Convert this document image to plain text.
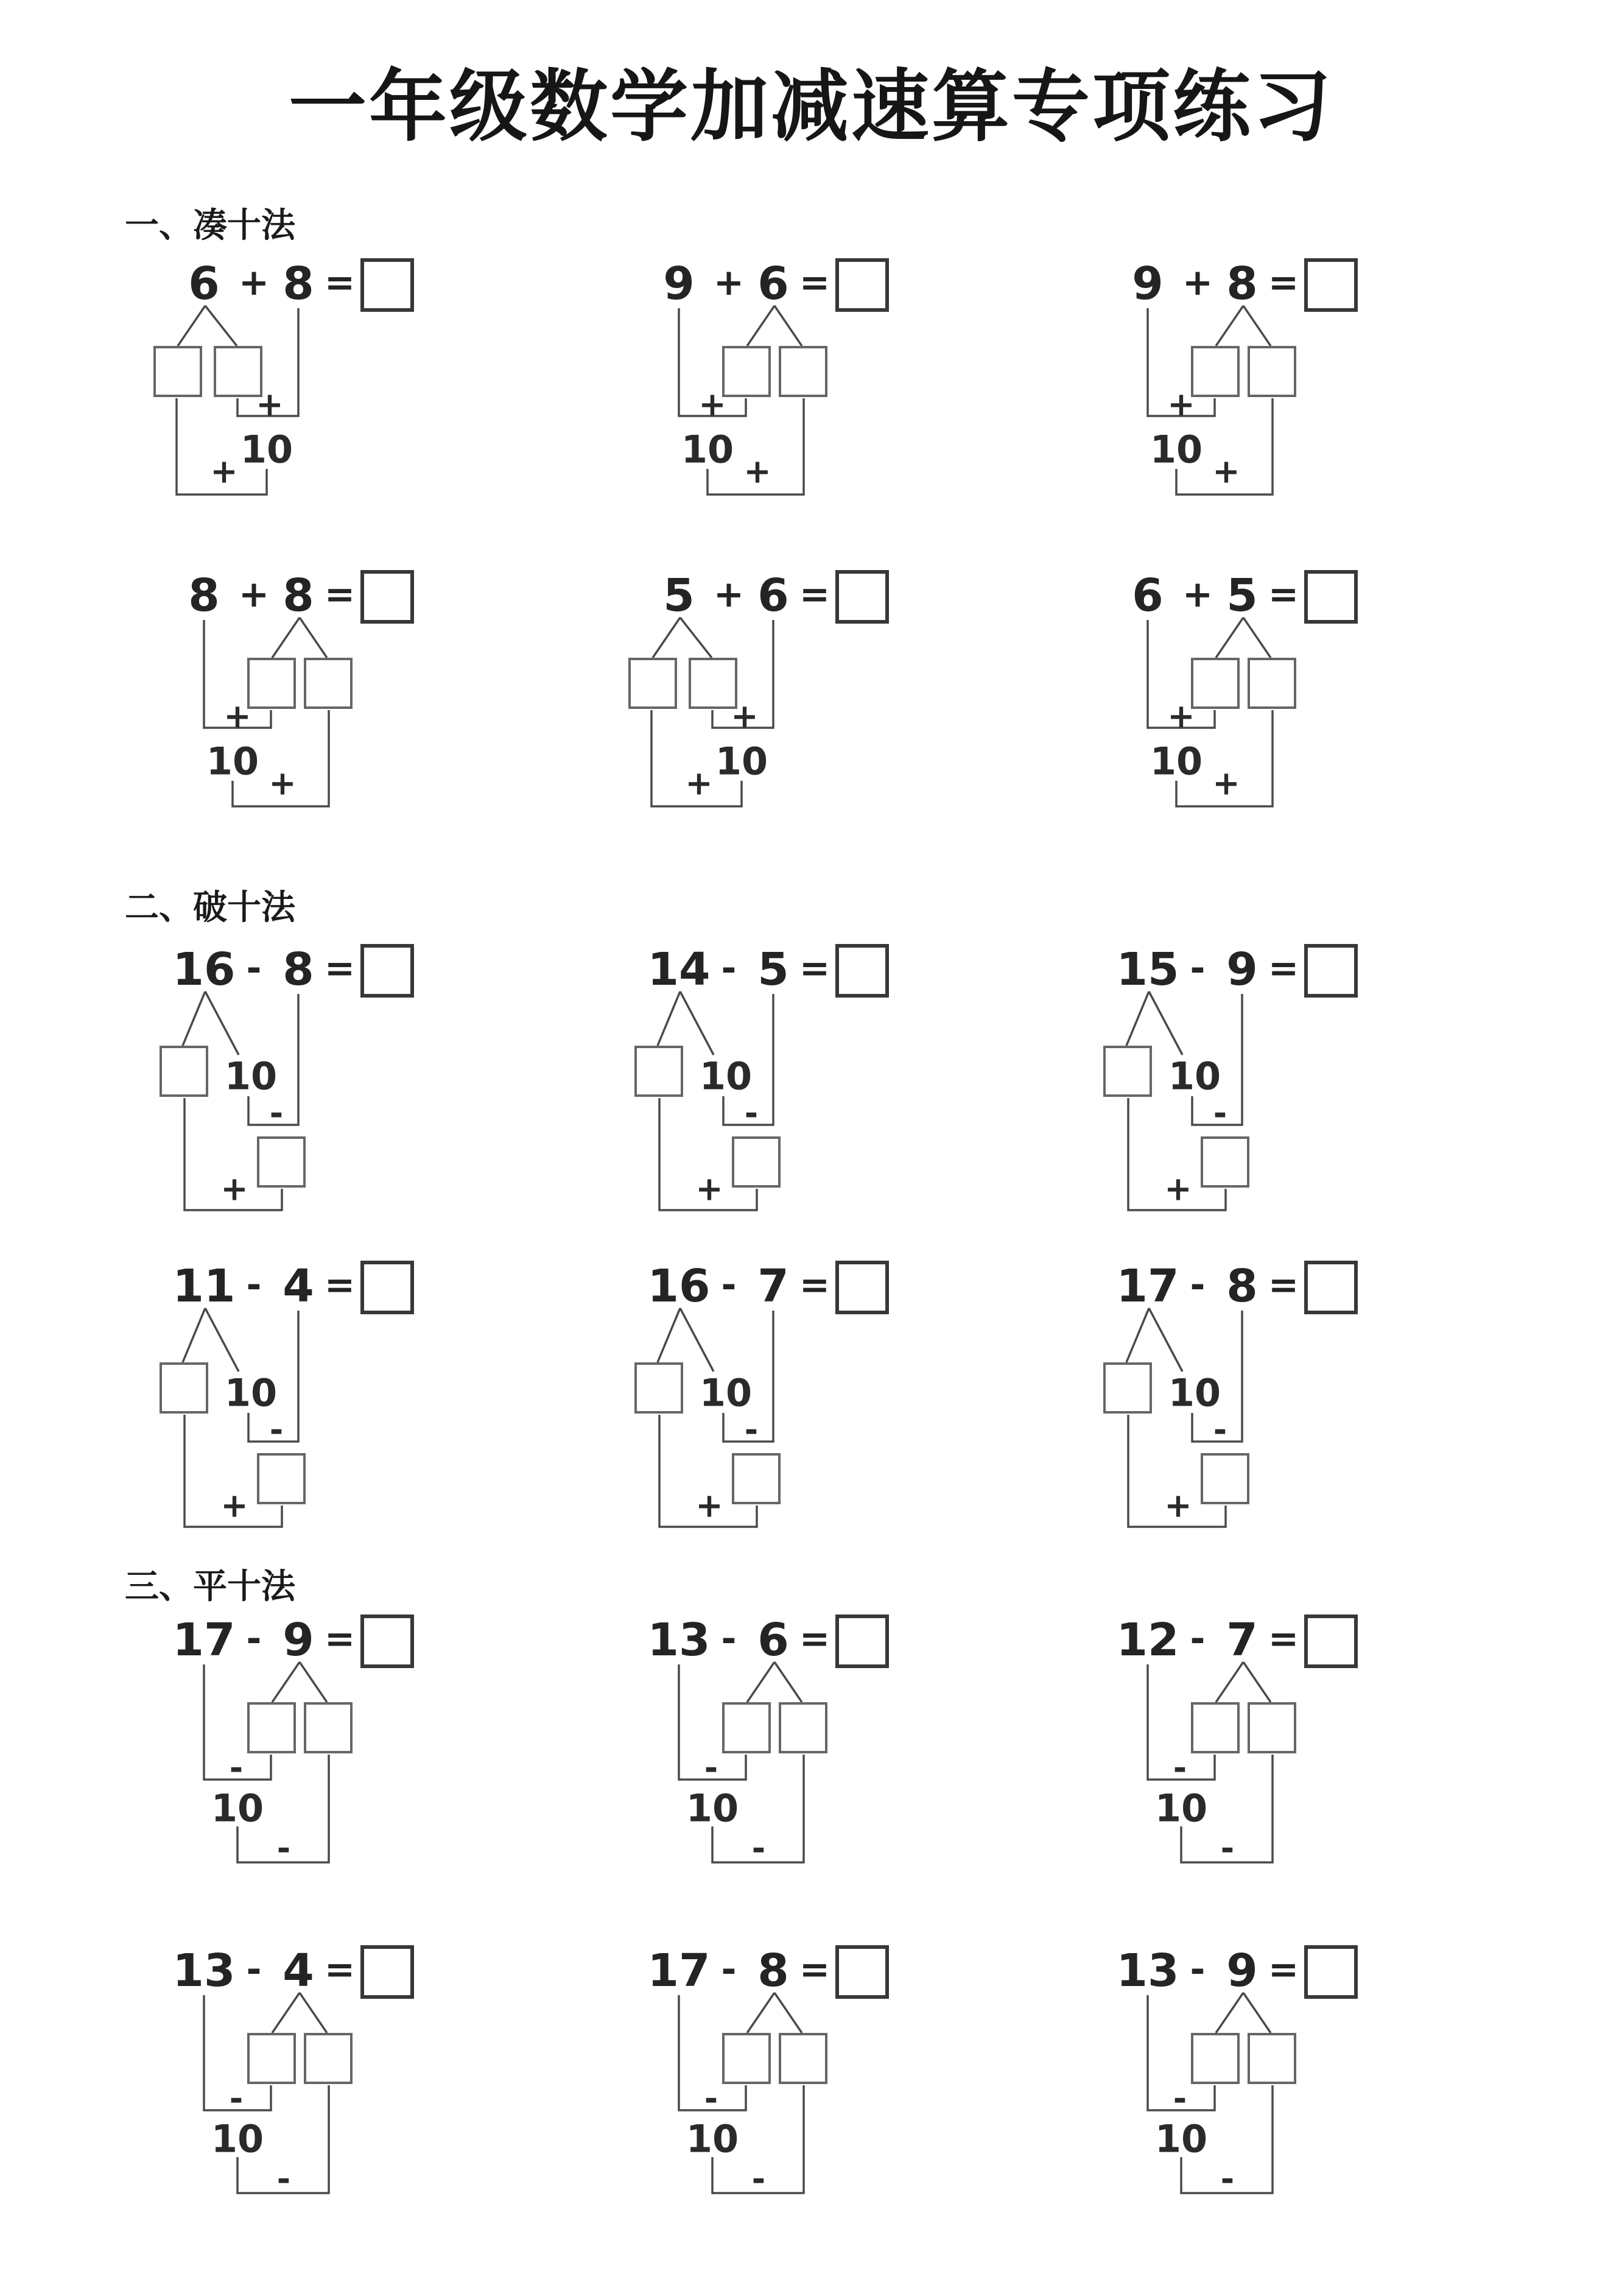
一年级数学加减速算专项练习
一、凑十法
6 + 8 =
+
10
+
9 + 6 =
+
10 +
9 + 8 =
+
10 +
8 + 8 =
+
10 +
5 + 6 =
+
10
+
6 + 5 =
+
10 +
二、破十法
16 - 8 =
10
-
+
14 - 5 =
10
-
+
15 - 9 =
10
-
+
11 - 4 =
10
-
+
16 - 7 =
10
-
+
17 - 8 =
10
-
+
三、平十法
17 - 9 =
-
10
-
13 - 6 =
-
10
-
12 - 7 =
-
10
-
13 - 4 =
-
10
-
17 - 8 =
-
10
-
13 - 9 =
-
10
-
